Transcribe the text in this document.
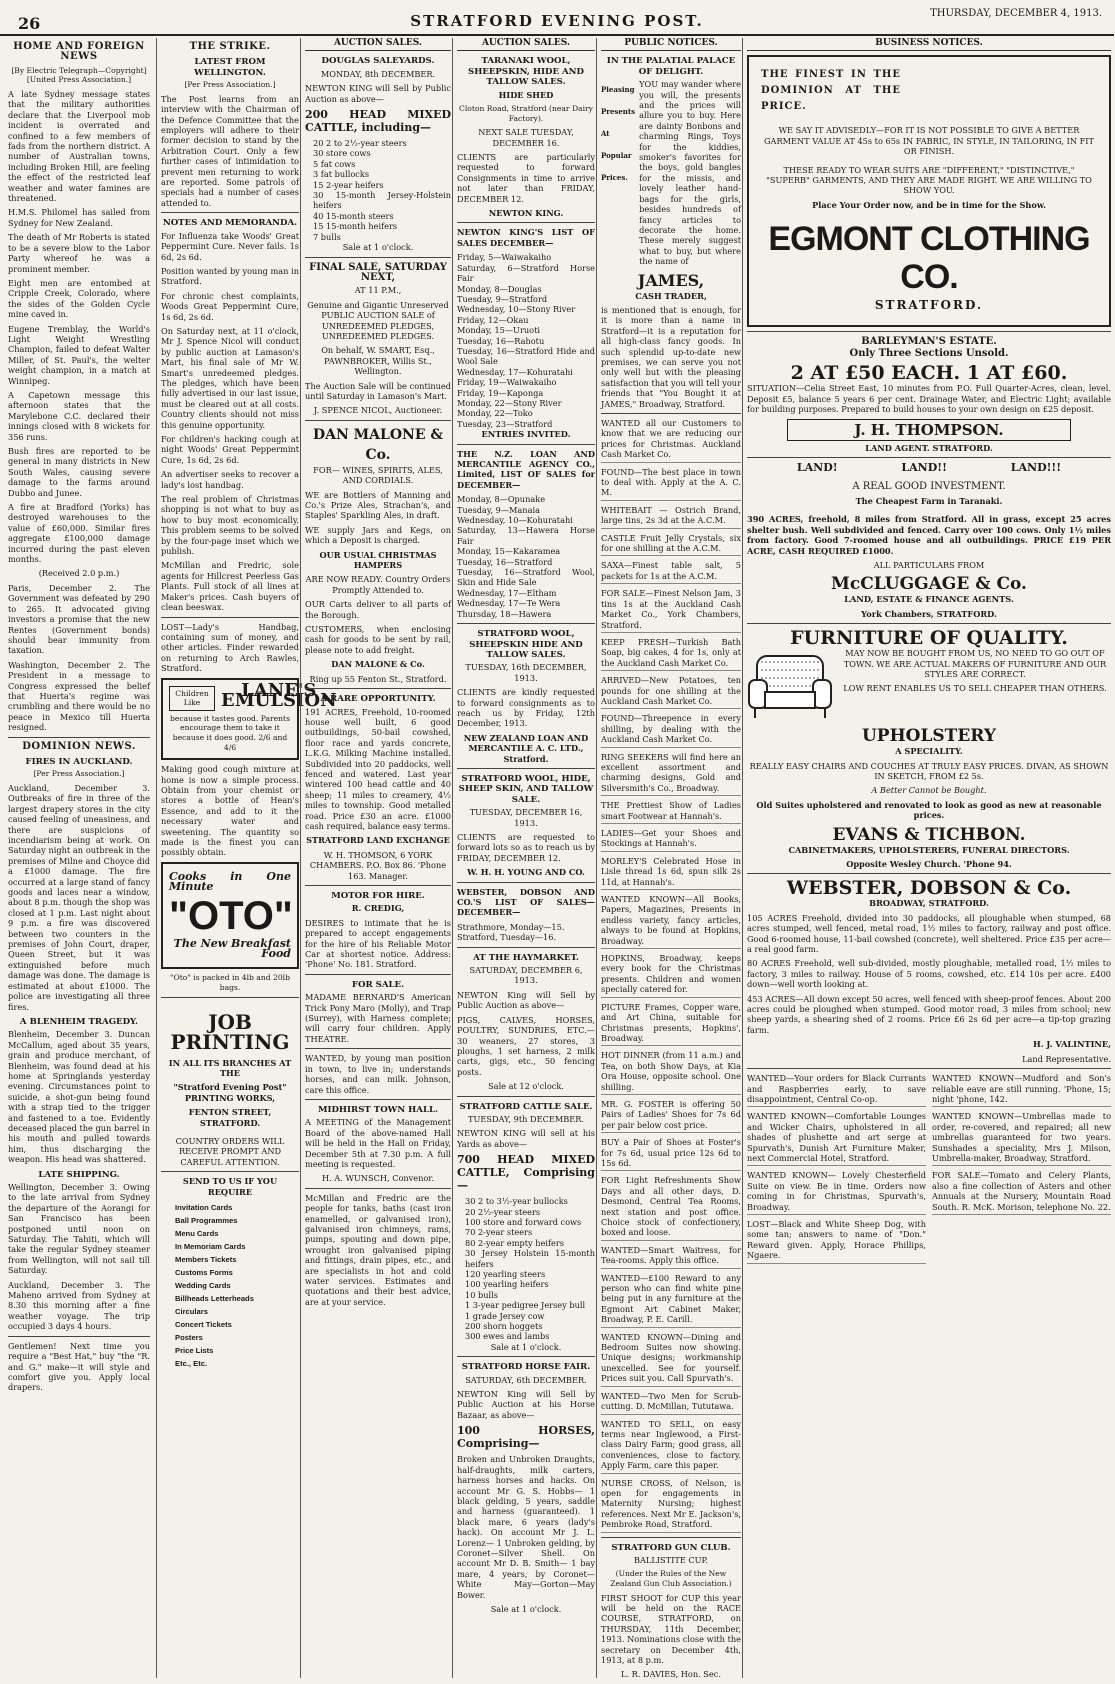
26	STRATFORD EVENING POST.	THURSDAY, DECEMBER 4, 1913.
HOME AND FOREIGN NEWS

[By Electric Telegraph—Copyright] [United Press Association.]

A late Sydney message states that the military authorities declare that the Liverpool mob incident is overrated and confined to a few members of fads from the northern district. A number of Australian towns, including Broken Hill, are feeling the effect of the restricted leaf weather and water famines are threatened.

H.M.S. Philomel has sailed from Sydney for New Zealand.

The death of Mr Roberts is stated to be a severe blow to the Labor Party whereof he was a prominent member.

Eight men are entombed at Cripple Creek, Colorado, where the sides of the Golden Cycle mine caved in.

Eugene Tremblay, the World's Light Weight Wrestling Champion, failed to defeat Walter Miller, of St. Paul's, the welter weight champion, in a match at Winnipeg.

A Capetown message this afternoon states that the Marylebone C.C. declared their innings closed with 8 wickets for 356 runs.

Bush fires are reported to be general in many districts in New South Wales, causing severe damage to the farms around Dubbo and Junee.

A fire at Bradford (Yorks) has destroyed warehouses to the value of £60,000. Similar fires aggregate £100,000 damage incurred during the past eleven months.

(Received 2.0 p.m.)

Paris, December 2. The Government was defeated by 290 to 265. It advocated giving investors a promise that the new Rentes (Government bonds) should bear immunity from taxation.

Washington, December 2. The President in a message to Congress expressed the belief that Huerta's regime was crumbling and there would be no peace in Mexico till Huerta resigned.

DOMINION NEWS.
FIRES IN AUCKLAND.

[Per Press Association.]

Auckland, December 3. Outbreaks of fire in three of the largest drapery stores in the city caused feeling of uneasiness, and there are suspicions of incendiarism being at work. On Saturday night an outbreak in the premises of Milne and Choyce did a £1000 damage. The fire occurred at a large stand of fancy goods and laces near a window, about 8 p.m. though the shop was closed at 1 p.m. Last night about 9 p.m. a fire was discovered between two counters in the premises of John Court, draper, Queen Street, but it was extinguished before much damage was done. The damage is estimated at about £1000. The police are investigating all three fires.

A BLENHEIM TRAGEDY.

Blenheim, December 3. Duncan McCallum, aged about 35 years, grain and produce merchant, of Blenheim, was found dead at his home at Springlands yesterday evening. Circumstances point to suicide, a shot-gun being found with a strap tied to the trigger and fastened to a toe. Evidently deceased placed the gun barrel in his mouth and pulled towards him, thus discharging the weapon. His head was shattered.

LATE SHIPPING.

Wellington, December 3. Owing to the late arrival from Sydney the departure of the Aorangi for San Francisco has been postponed until noon on Saturday. The Tahiti, which will take the regular Sydney steamer from Wellington, will not sail till Saturday.

Auckland, December 3. The Maheno arrived from Sydney at 8.30 this morning after a fine weather voyage. The trip occupied 3 days 4 hours.

Gentlemen! Next time you require a "Best Hat," buy "the "R. and G." make—it will style and comfort give you. Apply local drapers.

THE STRIKE.
LATEST FROM WELLINGTON.

[Per Press Association.]

The Post learns from an interview with the Chairman of the Defence Committee that the employers will adhere to their former decision to stand by the Arbitration Court. Only a few further cases of intimidation to prevent men returning to work are reported. Some patrols of specials had a number of cases attended to.

NOTES AND MEMORANDA.

For Influenza take Woods' Great Peppermint Cure. Never fails. 1s 6d, 2s 6d.

Position wanted by young man in Stratford.

For chronic chest complaints, Woods Great Peppermint Cure, 1s 6d, 2s 6d.

On Saturday next, at 11 o'clock, Mr J. Spence Nicol will conduct by public auction at Lamason's Mart, his final sale of Mr W. Smart's unredeemed pledges. The pledges, which have been fully advertised in our last issue, must be cleared out at all costs. Country clients should not miss this genuine opportunity.

For children's hacking cough at night Woods' Great Peppermint Cure, 1s 6d, 2s 6d.

An advertiser seeks to recover a lady's lost handbag.

The real problem of Christmas shopping is not what to buy as how to buy most economically. This problem seems to be solved by the four-page inset which we publish.

McMillan and Fredric, sole agents for Hillcrest Peerless Gas Plants. Full stock of all lines at Maker's prices. Cash buyers of clean beeswax.

LOST—Lady's Handbag, containing sum of money, and other articles. Finder rewarded on returning to Arch Rawles, Stratford.

Children Like
LANE'S EMULSION
because it tastes good. Parents encourage them to take it because it does good. 2/6 and 4/6

Making good cough mixture at home is now a simple process. Obtain from your chemist or stores a bottle of Hean's Essence, and add to it the necessary water and sweetening. The quantity so made is the finest you can possibly obtain.

Cooks in One Minute
"OTO"
The New Breakfast Food

"Oto" is packed in 4lb and 20lb bags.

JOB PRINTING

IN ALL ITS BRANCHES AT THE

"Stratford Evening Post" PRINTING WORKS,

FENTON STREET, STRATFORD.

COUNTRY ORDERS WILL RECEIVE PROMPT AND CAREFUL ATTENTION.

SEND TO US IF YOU REQUIRE

Invitation Cards
Ball Programmes
Menu Cards
In Memoriam Cards
Members Tickets
Customs Forms
Wedding Cards
Billheads Letterheads
Circulars
Concert Tickets
Posters
Price Lists
Etc., Etc.
AUCTION SALES.
DOUGLAS SALEYARDS.

MONDAY, 8th DECEMBER.

NEWTON KING will Sell by Public Auction as above—

200 HEAD MIXED CATTLE, including—

20 2 to 2½-year steers
30 store cows
5 fat cows
3 fat bullocks
15 2-year heifers
30 15-month Jersey-Holstein heifers
40 15-month steers
15 15-month heifers
7 bulls

Sale at 1 o'clock.

FINAL SALE, SATURDAY NEXT,

AT 11 P.M.,

Genuine and Gigantic Unreserved PUBLIC AUCTION SALE of UNREDEEMED PLEDGES, UNREDEEMED PLEDGES.

On behalf, W. SMART, Esq., PAWNBROKER, Willis St., Wellington.

The Auction Sale will be continued until Saturday in Lamason's Mart.

J. SPENCE NICOL, Auctioneer.

DAN MALONE & Co.

FOR— WINES, SPIRITS, ALES, AND CORDIALS.

WE are Bottlers of Manning and Co.'s Prize Ales, Strachan's, and Staples' Sparkling Ales, in draft.

WE supply Jars and Kegs, on which a Deposit is charged.

OUR USUAL CHRISTMAS HAMPERS

ARE NOW READY. Country Orders Promptly Attended to.

OUR Carts deliver to all parts of the Borough.

CUSTOMERS, when enclosing cash for goods to be sent by rail, please note to add freight.

DAN MALONE & Co.

Ring up 55 Fenton St., Stratford.

A RARE OPPORTUNITY.

191 ACRES, Freehold, 10-roomed house well built, 6 good outbuildings, 50-bail cowshed, floor race and yards concrete, L.K.G. Milking Machine installed. Subdivided into 20 paddocks, well fenced and watered. Last year wintered 100 head cattle and 40 sheep; 11 miles to creamery, 4½ miles to township. Good metalled road. Price £30 an acre. £1000 cash required, balance easy terms.

STRATFORD LAND EXCHANGE

W. H. THOMSON, 6 YORK CHAMBERS. P.O. Box 86. 'Phone 163. Manager.

MOTOR FOR HIRE.

R. CREDIG,

DESIRES to intimate that he is prepared to accept engagements for the hire of his Reliable Motor Car at shortest notice. Address: 'Phone' No. 181. Stratford.

FOR SALE.

MADAME BERNARD'S American Trick Pony Maro (Molly), and Trap (Surrey), with Harness complete; will carry four children. Apply THEATRE.

WANTED, by young man position in town, to live in; understands horses, and can milk. Johnson, care this office.

MIDHIRST TOWN HALL.

A MEETING of the Management Board of the above-named Hall will be held in the Hall on Friday, December 5th at 7.30 p.m. A full meeting is requested.

H. A. WUNSCH, Convenor.

McMillan and Fredric are the people for tanks, baths (cast iron enamelled, or galvanised iron), galvanised iron chimneys, rams, pumps, spouting and down pipe, wrought iron galvanised piping and fittings, drain pipes, etc., and are specialists in hot and cold water services. Estimates and quotations and their best advice, are at your service.

AUCTION SALES.
TARANAKI WOOL, SHEEPSKIN, HIDE AND TALLOW SALES.

HIDE SHED

Cloton Road, Stratford (near Dairy Factory).

NEXT SALE TUESDAY, DECEMBER 16.

CLIENTS are particularly requested to forward Consignments in time to arrive not later than FRIDAY, DECEMBER 12.

NEWTON KING.

NEWTON KING'S LIST OF SALES DECEMBER—

Friday, 5—Waiwakaiho
Saturday, 6—Stratford Horse Fair
Monday, 8—Douglas
Tuesday, 9—Stratford
Wednesday, 10—Stony River
Friday, 12—Okau
Monday, 15—Uruoti
Tuesday, 16—Rahotu
Tuesday, 16—Stratford Hide and Wool Sale
Wednesday, 17—Kohuratahi
Friday, 19—Waiwakaiho
Friday, 19—Kaponga
Monday, 22—Stony River
Monday, 22—Toko
Tuesday, 23—Stratford

ENTRIES INVITED.

THE N.Z. LOAN AND MERCANTILE AGENCY CO., Limited, LIST OF SALES for DECEMBER—

Monday, 8—Opunake
Tuesday, 9—Manaia
Wednesday, 10—Kohuratahi
Saturday, 13—Hawera Horse Fair
Monday, 15—Kakaramea
Tuesday, 16—Stratford
Tuesday, 16—Stratford Wool, Skin and Hide Sale
Wednesday, 17—Eltham
Wednesday, 17—Te Wera
Thursday, 18—Hawera
STRATFORD WOOL, SHEEPSKIN HIDE AND TALLOW SALES.

TUESDAY, 16th DECEMBER, 1913.

CLIENTS are kindly requested to forward consignments as to reach us by Friday, 12th December, 1913.

NEW ZEALAND LOAN AND MERCANTILE A. C. LTD., Stratford.

STRATFORD WOOL, HIDE, SHEEP SKIN, AND TALLOW SALE.

TUESDAY, DECEMBER 16, 1913.

CLIENTS are requested to forward lots so as to reach us by FRIDAY, DECEMBER 12.

W. H. H. YOUNG AND CO.

WEBSTER, DOBSON AND CO.'S LIST OF SALES— DECEMBER—

Strathmore, Monday—15.
Stratford, Tuesday—16.
AT THE HAYMARKET.

SATURDAY, DECEMBER 6, 1913.

NEWTON King will Sell by Public Auction as above—

PIGS, CALVES, HORSES, POULTRY, SUNDRIES, ETC.— 30 weaners, 27 stores, 3 ploughs, 1 set harness, 2 milk carts, gigs, etc., 50 fencing posts.

Sale at 12 o'clock.

STRATFORD CATTLE SALE.

TUESDAY, 9th DECEMBER.

NEWTON KING will sell at his Yards as above—

700 HEAD MIXED CATTLE, Comprising—

30 2 to 3½-year bullocks
20 2½-year steers
100 store and forward cows
70 2-year steers
80 2-year empty heifers
30 Jersey Holstein 15-month heifers
120 yearling steers
100 yearling heifers
10 bulls
1 3-year pedigree Jersey bull
1 grade Jersey cow
200 shorn hoggets
300 ewes and lambs

Sale at 1 o'clock.

STRATFORD HORSE FAIR.

SATURDAY, 6th DECEMBER.

NEWTON King will Sell by Public Auction at his Horse Bazaar, as above—

100 HORSES, Comprising—

Broken and Unbroken Draughts, half-draughts, milk carters, harness horses and hacks. On account Mr G. S. Hobbs— 1 black gelding, 5 years, saddle and harness (guaranteed). 1 black mare, 6 years (lady's hack). On account Mr J. L. Lorenz— 1 Unbroken gelding, by Coronet—Silver Shell. On account Mr D. B. Smith— 1 bay mare, 4 years, by Coronet—White May—Gorton—May Bower.

Sale at 1 o'clock.

PUBLIC NOTICES.
IN THE PALATIAL PALACE OF DELIGHT.
Pleasing
Presents
At
Popular
Prices.

YOU may wander where you will, the presents and the prices will allure you to buy. Here are dainty Bonbons and charming Rings, Toys for the kiddies, smoker's favorites for the boys, gold bangles for the missis, and lovely leather hand-bags for the girls, besides hundreds of fancy articles to decorate the home. These merely suggest what to buy, but where the name of

JAMES,

CASH TRADER,

is mentioned that is enough, for it is more than a name in Stratford—it is a reputation for all high-class fancy goods. In such splendid up-to-date new premises, we can serve you not only well but with the pleasing satisfaction that you will tell your friends that "You Bought it at JAMES," Broadway, Stratford.

WANTED all our Customers to know that we are reducing our prices for Christmas. Auckland Cash Market Co.
FOUND—The best place in town to deal with. Apply at the A. C. M.
WHITEBAIT — Ostrich Brand, large tins, 2s 3d at the A.C.M.
CASTLE Fruit Jelly Crystals, six for one shilling at the A.C.M.
SAXA—Finest table salt, 5 packets for 1s at the A.C.M.
FOR SALE—Finest Nelson Jam, 3 tins 1s at the Auckland Cash Market Co., York Chambers, Stratford.
KEEP FRESH—Turkish Bath Soap, big cakes, 4 for 1s, only at the Auckland Cash Market Co.
ARRIVED—New Potatoes, ten pounds for one shilling at the Auckland Cash Market Co.
FOUND—Threepence in every shilling, by dealing with the Auckland Cash Market Co.
RING SEEKERS will find here an excellent assortment and charming designs, Gold and Silversmith's Co., Broadway.
THE Prettiest Show of Ladies smart Footwear at Hannah's.
LADIES—Get your Shoes and Stockings at Hannah's.
MORLEY'S Celebrated Hose in Lisle thread 1s 6d, spun silk 2s 11d, at Hannah's.
WANTED KNOWN—All Books, Papers, Magazines, Presents in endless variety, fancy articles, always to be found at Hopkins, Broadway.
HOPKINS, Broadway, keeps every book for the Christmas presents. Children and women specially catered for.
PICTURE Frames, Copper ware, and Art China, suitable for Christmas presents, Hopkins', Broadway.
HOT DINNER (from 11 a.m.) and Tea, on both Show Days, at Kia Ora House, opposite school. One shilling.
MR. G. FOSTER is offering 50 Pairs of Ladies' Shoes for 7s 6d per pair below cost price.
BUY a Pair of Shoes at Foster's for 7s 6d, usual price 12s 6d to 15s 6d.
FOR Light Refreshments Show Days and all other days, D. Desmond, Central Tea Rooms, next station and post office. Choice stock of confectionery, boxed and loose.
WANTED—Smart Waitress, for Tea-rooms. Apply this office.
WANTED—£100 Reward to any person who can find white pine being put in any furniture at the Egmont Art Cabinet Maker, Broadway, P. E. Carill.
WANTED KNOWN—Dining and Bedroom Suites now showing. Unique designs; workmanship unexcelled. See for yourself. Prices suit you. Call Spurvath's.
WANTED—Two Men for Scrub-cutting. D. McMillan, Tututawa.
WANTED TO SELL, on easy terms near Inglewood, a First-class Dairy Farm; good grass, all conveniences, close to factory. Apply Farm, care this paper.
NURSE CROSS, of Nelson, is open for engagements in Maternity Nursing; highest references. Next Mr E. Jackson's, Pembroke Road, Stratford.
STRATFORD GUN CLUB.

BALLISTITE CUP.

(Under the Rules of the New Zealand Gun Club Association.)

FIRST SHOOT for CUP this year will be held on the RACE COURSE, STRATFORD, on THURSDAY, 11th December, 1913. Nominations close with the secretary on December 4th, 1913, at 8 p.m.

L. R. DAVIES, Hon. Sec.

BUSINESS NOTICES.

THE FINEST IN THE DOMINION AT THE PRICE.

WE SAY IT ADVISEDLY—FOR IT IS NOT POSSIBLE TO GIVE A BETTER GARMENT VALUE AT 45s to 65s IN FABRIC, IN STYLE, IN TAILORING, IN FIT OR FINISH.

THESE READY TO WEAR SUITS ARE "DIFFERENT," "DISTINCTIVE," "SUPERB" GARMENTS, AND THEY ARE MADE RIGHT. WE ARE WILLING TO SHOW YOU.

Place Your Order now, and be in time for the Show.

EGMONT CLOTHING CO.

STRATFORD.

BARLEYMAN'S ESTATE.

Only Three Sections Unsold.

2 AT £50 EACH. 1 AT £60.

SITUATION—Celia Street East, 10 minutes from P.O. Full Quarter-Acres, clean, level. Deposit £5, balance 5 years 6 per cent. Drainage Water, and Electric Light; available for building purposes. Prepared to build houses to your own design on £25 deposit.

J. H. THOMPSON.

LAND AGENT. STRATFORD.

LAND! LAND!! LAND!!!

A REAL GOOD INVESTMENT.

The Cheapest Farm in Taranaki.

390 ACRES, freehold, 8 miles from Stratford. All in grass, except 25 acres shelter bush. Well subdivided and fenced. Carry over 100 cows. Only 1½ miles from factory. Good 7-roomed house and all outbuildings. PRICE £19 PER ACRE, CASH REQUIRED £1000.

ALL PARTICULARS FROM

McCLUGGAGE & Co.

LAND, ESTATE & FINANCE AGENTS.

York Chambers, STRATFORD.

FURNITURE OF QUALITY.

MAY NOW BE BOUGHT FROM US, NO NEED TO GO OUT OF TOWN. WE ARE ACTUAL MAKERS OF FURNITURE AND OUR STYLES ARE CORRECT.

LOW RENT ENABLES US TO SELL CHEAPER THAN OTHERS.

UPHOLSTERY

A SPECIALITY.

REALLY EASY CHAIRS AND COUCHES AT TRULY EASY PRICES. DIVAN, AS SHOWN IN SKETCH, FROM £2 5s.

A Better Cannot be Bought.

Old Suites upholstered and renovated to look as good as new at reasonable prices.

EVANS & TICHBON.

CABINETMAKERS, UPHOLSTERERS, FUNERAL DIRECTORS.

Opposite Wesley Church. 'Phone 94.

WEBSTER, DOBSON & Co.

BROADWAY, STRATFORD.

105 ACRES Freehold, divided into 30 paddocks, all ploughable when stumped, 68 acres stumped, well fenced, metal road, 1½ miles to factory, railway and post office. Good 6-roomed house, 11-bail cowshed (concrete), well sheltered. Price £35 per acre—a real good farm.

80 ACRES Freehold, well sub-divided, mostly ploughable, metalled road, 1½ miles to factory, 3 miles to railway. House of 5 rooms, cowshed, etc. £14 10s per acre. £400 down—well worth looking at.

453 ACRES—All down except 50 acres, well fenced with sheep-proof fences. About 200 acres could be ploughed when stumped. Good motor road, 3 miles from school; new sheep yards, a shearing shed of 2 rooms. Price £6 2s 6d per acre—a tip-top grazing farm.

H. J. VALINTINE,

Land Representative.

WANTED—Your orders for Black Currants and Raspberries early, to save disappointment, Central Co-op.
WANTED KNOWN—Comfortable Lounges and Wicker Chairs, upholstered in all shades of plushette and art serge at Spurvath's, Dunish Art Furniture Maker, next Commercial Hotel, Stratford.
WANTED KNOWN— Lovely Chesterfield Suite on view. Be in time. Orders now coming in for Christmas, Spurvath's, Broadway.
LOST—Black and White Sheep Dog, with some tan; answers to name of "Don." Reward given. Apply, Horace Phillips, Ngaere.
WANTED KNOWN—Mudford and Son's reliable eave are still running. 'Phone, 15; night 'phone, 142.
WANTED KNOWN—Umbrellas made to order, re-covered, and repaired; all new umbrellas guaranteed for two years. Sunshades a speciality, Mrs J. Milson, Umbrella-maker, Broadway, Stratford.
FOR SALE—Tomato and Celery Plants, also a fine collection of Asters and other Annuals at the Nursery, Mountain Road South. R. McK. Morison, telephone No. 22.
